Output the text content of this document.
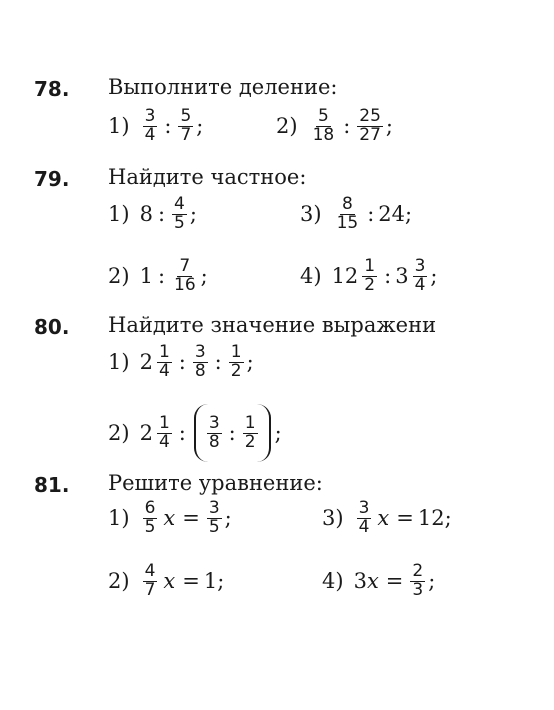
78. Выполните деление:
$1) \frac{3}{4}$ : $\frac{5}{7}$ ;	$2) \frac{5}{18}$ : $\frac{25}{27}$ ;
79. Найдите частное:
1) 8 : $\frac{4}{5}$ ;	$3) \frac{8}{15}$ : 24 ;
2) 1 : $\frac{7}{16}$ ;	4) $12 \frac{1}{2}$ : $3 \frac{3}{4}$ ;
80. Найдите значение выражени
1) $2 \frac{1}{4}$ : $\frac{3}{8}$ : $\frac{1}{2}$ ;
2) $2 \frac{1}{4}$ : $\frac{3}{8}$ : $\frac{1}{2}$ ;
81. Решите уравнение:
$1) \frac{6}{5}$ $x = \frac{3}{5}$ ;	$3) \frac{3}{4}$ x = 12 ;
$2) \frac{4}{7}$ x = 1 ;	4) 3 $x = \frac{2}{3}$ ;
